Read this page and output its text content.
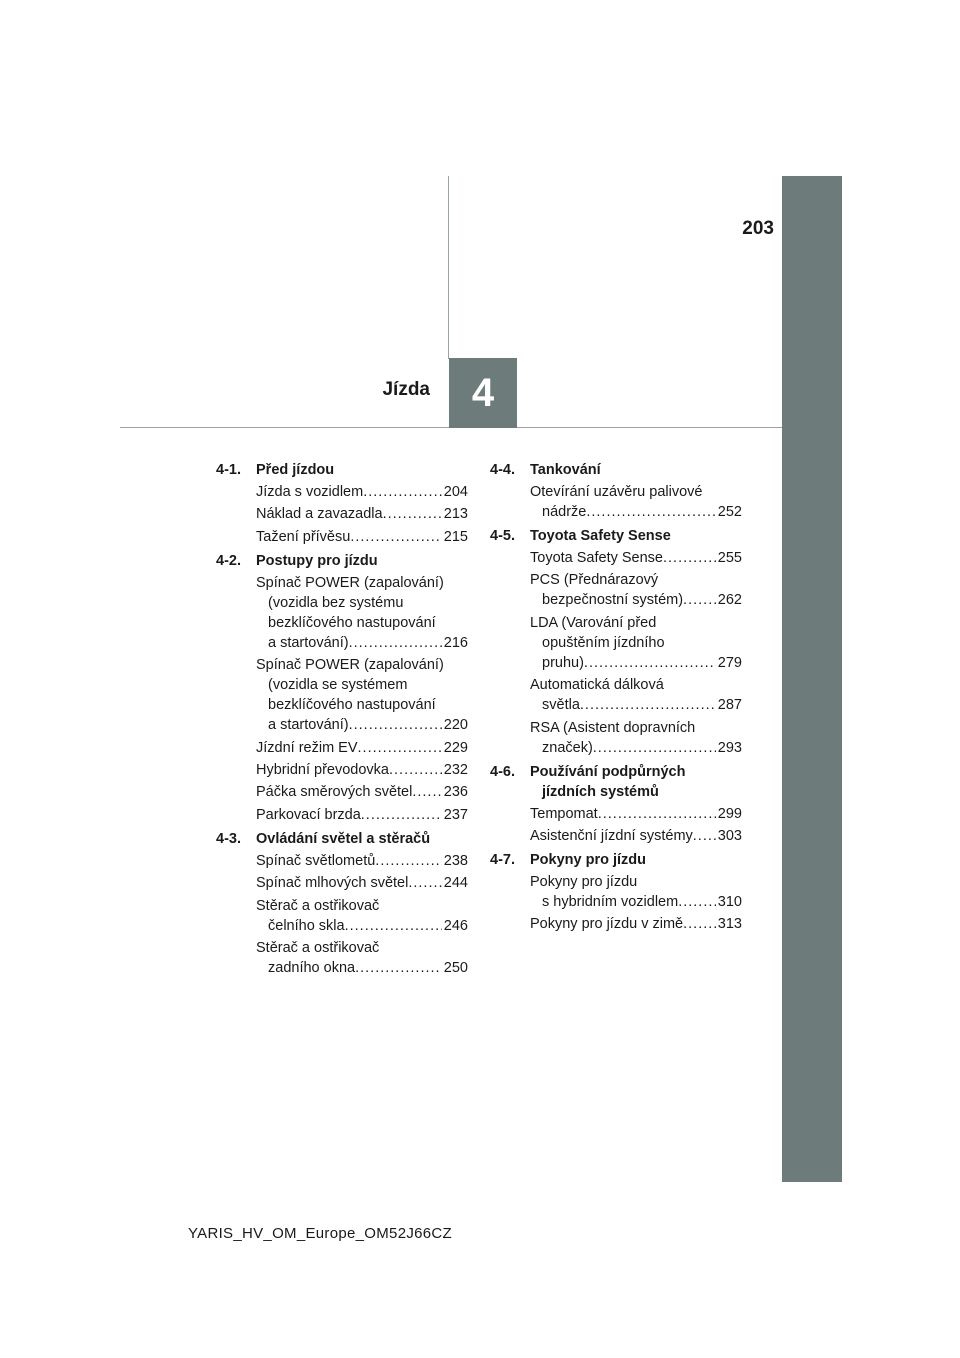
203
4
Jízda
4-1.	Před jízdou
Jízda s vozidlem .....	204
Náklad a zavazadla .....	213
Tažení přívěsu .....	215
4-2.	Postupy pro jízdu
Spínač POWER (zapalování)
(vozidla bez systému
bezklíčového nastupování
a startování) .....	216
Spínač POWER (zapalování)
(vozidla se systémem
bezklíčového nastupování
a startování) .....	220
Jízdní režim EV .....	229
Hybridní převodovka .....	232
Páčka směrových světel ..... 236
Parkovací brzda .....	237
4-3.	Ovládání světel a stěračů
Spínač světlometů .....	238
Spínač mlhových světel ..... 244
Stěrač a ostřikovač
čelního skla .....	246
Stěrač a ostřikovač
zadního okna .....	250
4-4.	Tankování
Otevírání uzávěru palivové
nádrže .....	252
4-5.	Toyota Safety Sense
Toyota Safety Sense .....	255
PCS (Přednárazový
bezpečnostní systém) ..... 262
LDA (Varování před
opuštěním jízdního
pruhu) .....	279
Automatická dálková
světla .....	287
RSA (Asistent dopravních
značek) .....	293
4-6.	Používání podpůrných
jízdních systémů
Tempomat .....	299
Asistenční jízdní systémy ..... 303
4-7.	Pokyny pro jízdu
Pokyny pro jízdu
s hybridním vozidlem .....	310
Pokyny pro jízdu v zimě ..... 313
YARIS_HV_OM_Europe_OM52J66CZ
